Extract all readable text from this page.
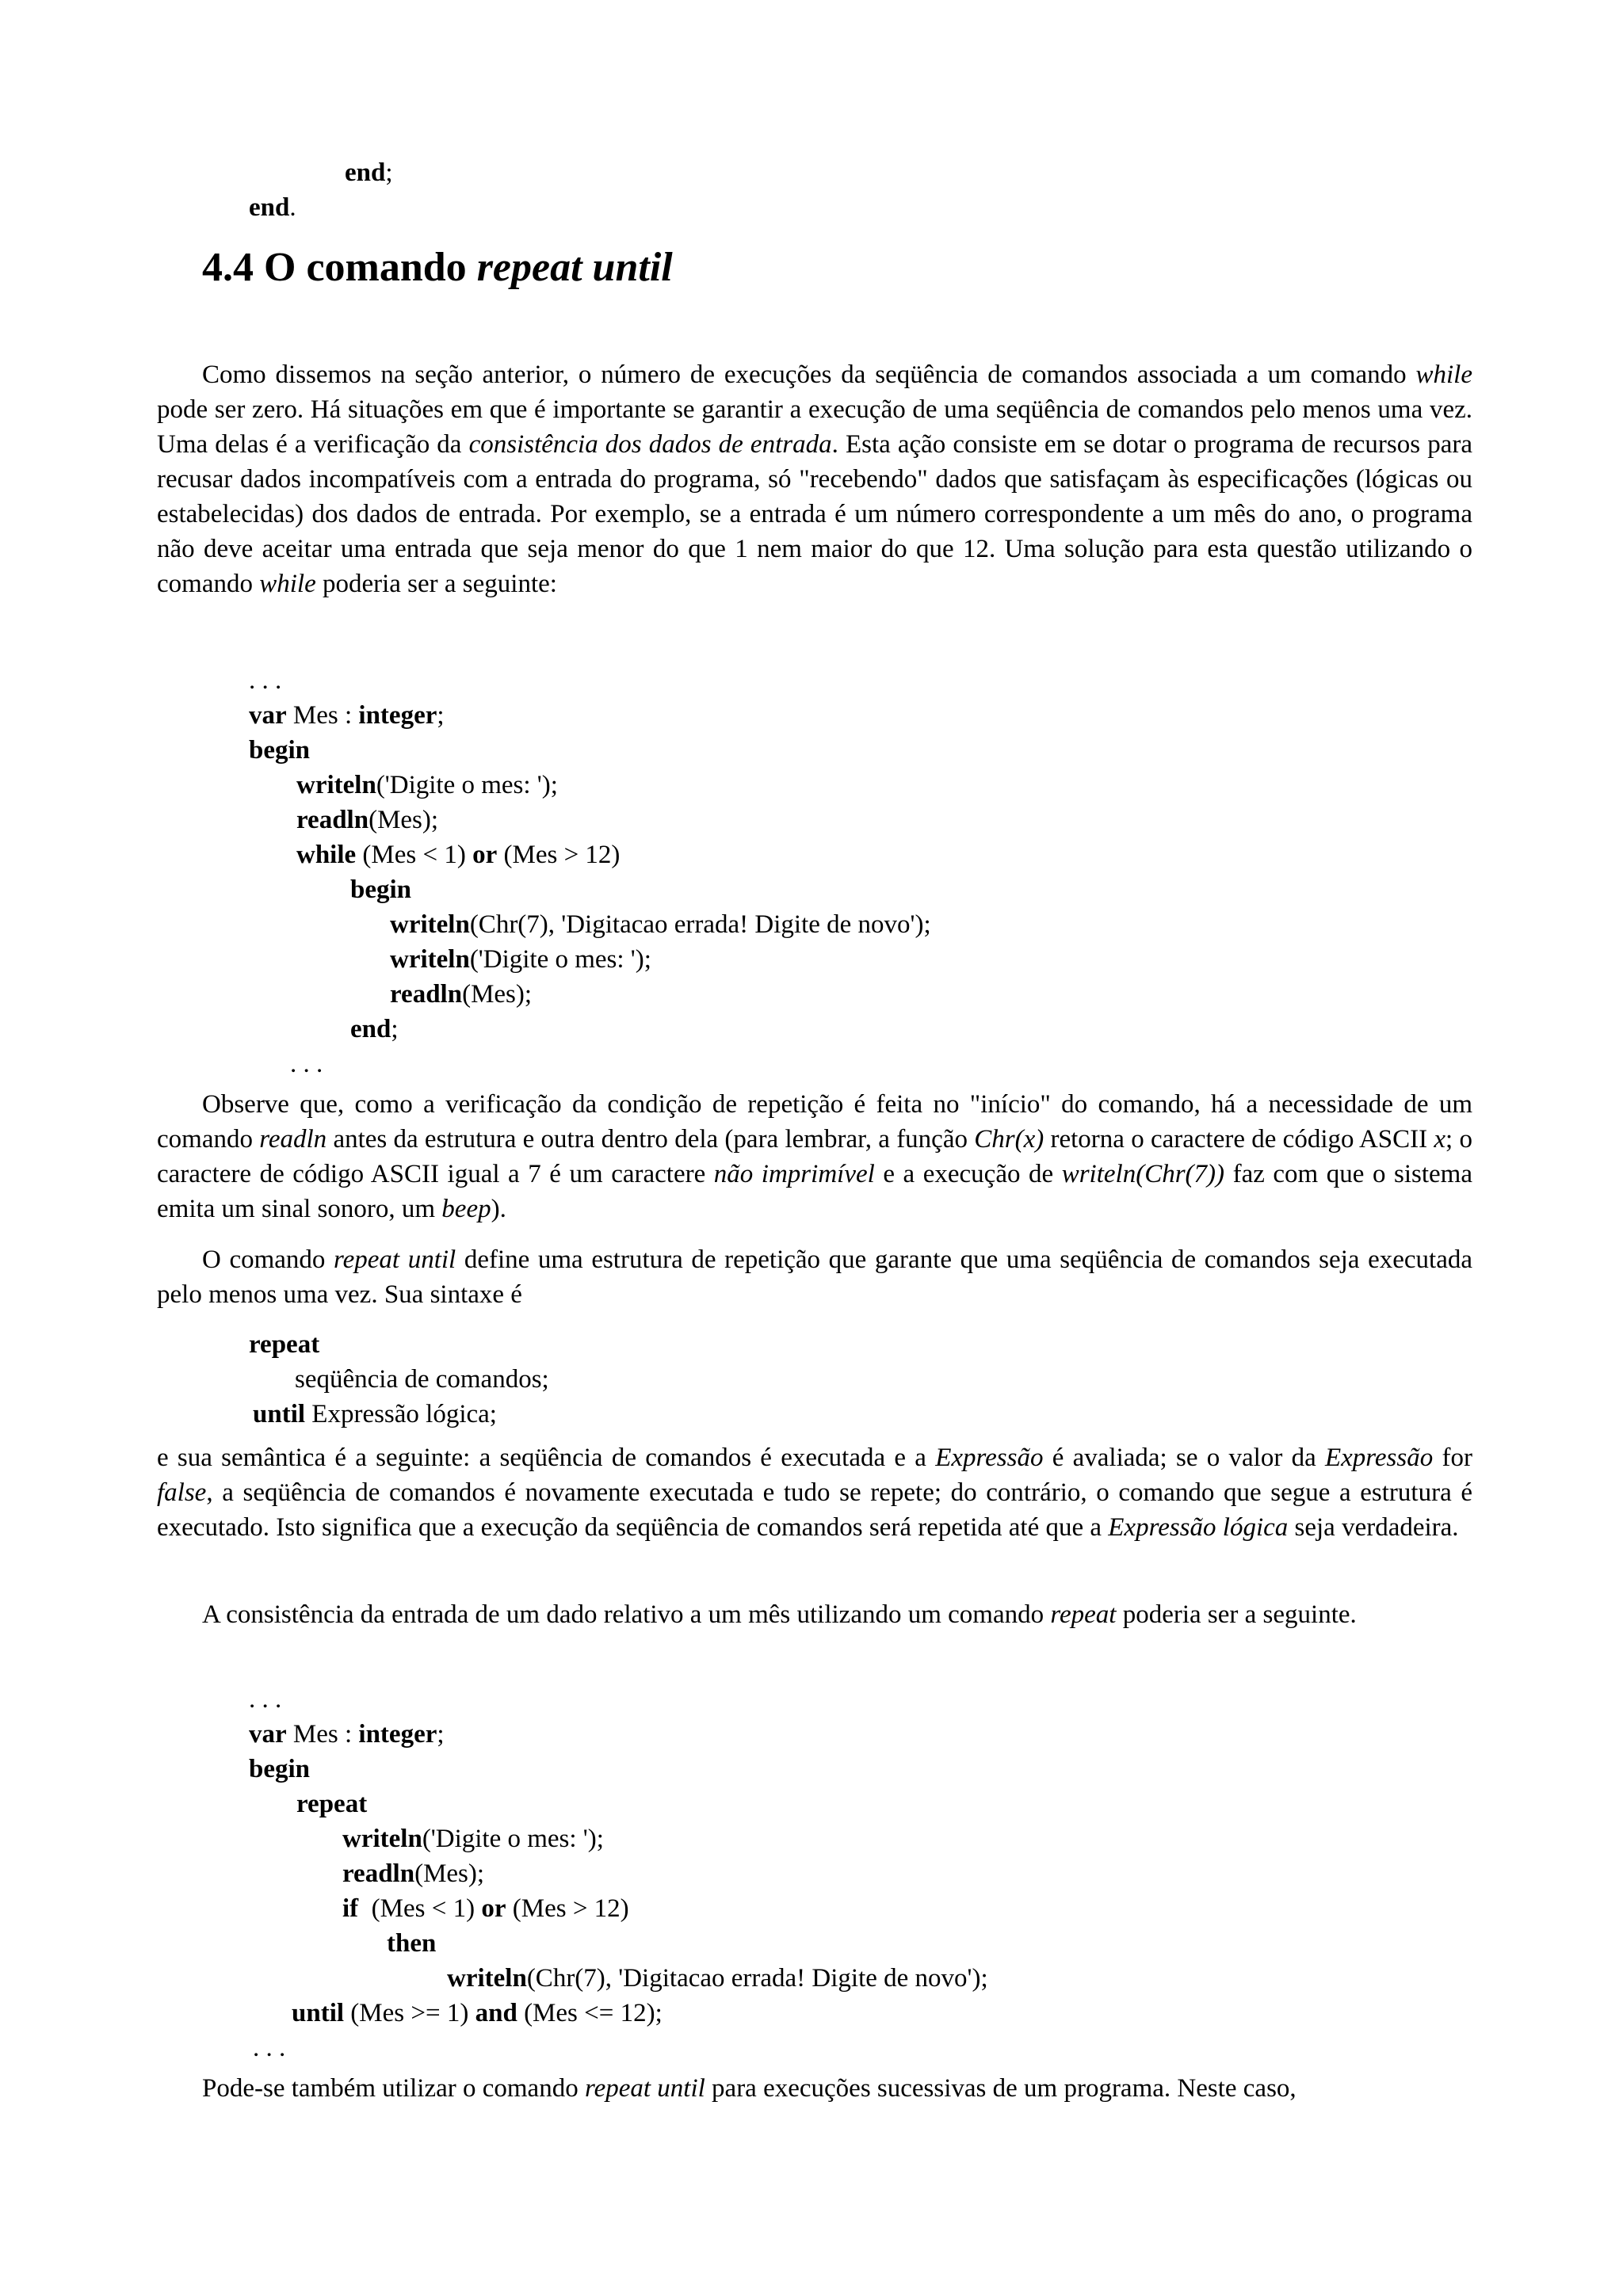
end;
end.
4.4 O comando repeat until
Como dissemos na seção anterior, o número de execuções da seqüência de comandos associada a um comando while pode ser zero. Há situações em que é importante se garantir a execução de uma seqüência de comandos pelo menos uma vez. Uma delas é a verificação da consistência dos dados de entrada. Esta ação consiste em se dotar o programa de recursos para recusar dados incompatíveis com a entrada do programa, só "recebendo" dados que satisfaçam às especificações (lógicas ou estabelecidas) dos dados de entrada. Por exemplo, se a entrada é um número correspondente a um mês do ano, o programa não deve aceitar uma entrada que seja menor do que 1 nem maior do que 12. Uma solução para esta questão utilizando o comando while poderia ser a seguinte:
. . .
var Mes : integer;
begin
writeln('Digite o mes: ');
readln(Mes);
while (Mes < 1) or (Mes > 12)
begin
writeln(Chr(7), 'Digitacao errada! Digite de novo');
writeln('Digite o mes: ');
readln(Mes);
end;
. . .
Observe que, como a verificação da condição de repetição é feita no "início" do comando, há a necessidade de um comando readln antes da estrutura e outra dentro dela (para lembrar, a função Chr(x) retorna o caractere de código ASCII x; o caractere de código ASCII igual a 7 é um caractere não imprimível e a execução de writeln(Chr(7)) faz com que o sistema emita um sinal sonoro, um beep).
O comando repeat until define uma estrutura de repetição que garante que uma seqüência de comandos seja executada pelo menos uma vez. Sua sintaxe é
repeat
seqüência de comandos;
until Expressão lógica;
e sua semântica é a seguinte: a seqüência de comandos é executada e a Expressão é avaliada; se o valor da Expressão for false, a seqüência de comandos é novamente executada e tudo se repete; do contrário, o comando que segue a estrutura é executado. Isto significa que a execução da seqüência de comandos será repetida até que a Expressão lógica seja verdadeira.
A consistência da entrada de um dado relativo a um mês utilizando um comando repeat poderia ser a seguinte.
. . .
var Mes : integer;
begin
repeat
writeln('Digite o mes: ');
readln(Mes);
if  (Mes < 1) or (Mes > 12)
then
writeln(Chr(7), 'Digitacao errada! Digite de novo');
until (Mes >= 1) and (Mes <= 12);
. . .
Pode-se também utilizar o comando repeat until para execuções sucessivas de um programa. Neste caso,
